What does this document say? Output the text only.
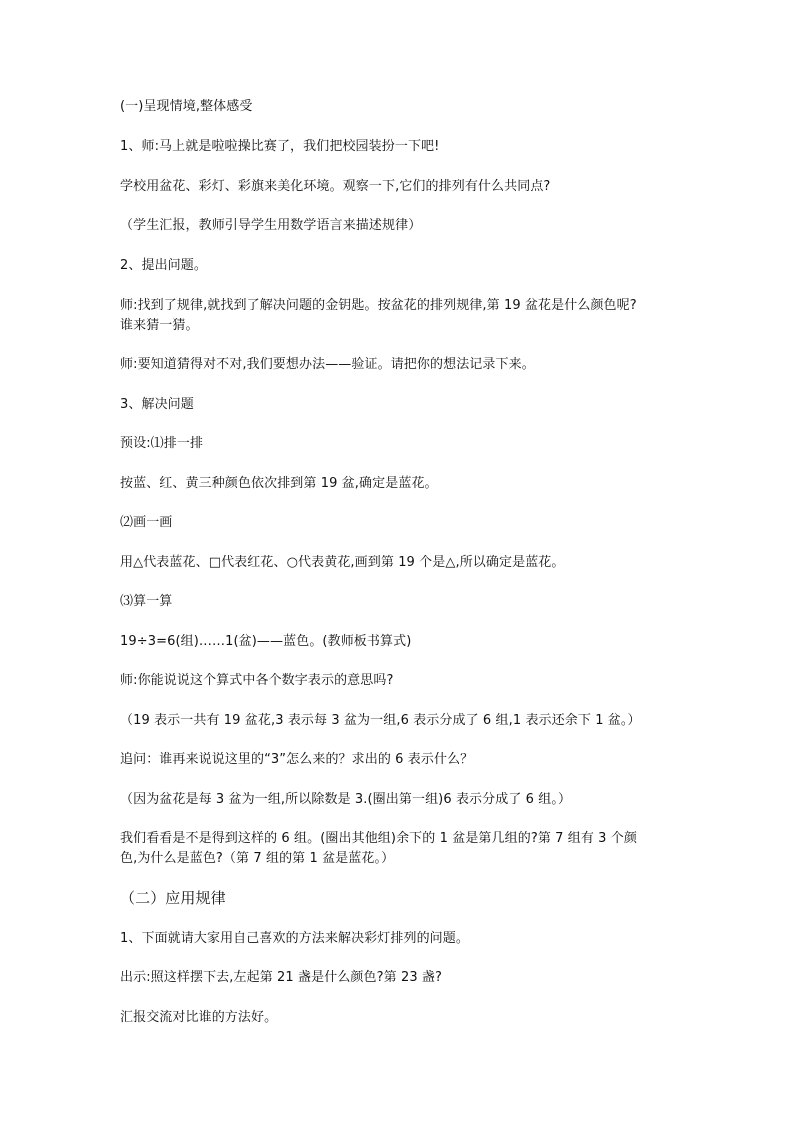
(一)呈现情境,整体感受
1、师:马上就是啦啦操比赛了，我们把校园装扮一下吧!
学校用盆花、彩灯、彩旗来美化环境。观察一下,它们的排列有什么共同点?
（学生汇报，教师引导学生用数学语言来描述规律）
2、提出问题。
师:找到了规律,就找到了解决问题的金钥匙。按盆花的排列规律,第 19 盆花是什么颜色呢?
谁来猜一猜。
师:要知道猜得对不对,我们要想办法——验证。请把你的想法记录下来。
3、解决问题
预设:⑴排一排
按蓝、红、黄三种颜色依次排到第 19 盆,确定是蓝花。
⑵画一画
用△代表蓝花、□代表红花、○代表黄花,画到第 19 个是△,所以确定是蓝花。
⑶算一算
19÷3=6(组)……1(盆)——蓝色。(教师板书算式)
师:你能说说这个算式中各个数字表示的意思吗?
（19 表示一共有 19 盆花,3 表示每 3 盆为一组,6 表示分成了 6 组,1 表示还余下 1 盆。）
追问：谁再来说说这里的“3”怎么来的？求出的 6 表示什么？
（因为盆花是每 3 盆为一组,所以除数是 3.(圈出第一组)6 表示分成了 6 组。）
我们看看是不是得到这样的 6 组。(圈出其他组)余下的 1 盆是第几组的?第 7 组有 3 个颜
色,为什么是蓝色?（第 7 组的第 1 盆是蓝花。）
（二）应用规律
1、下面就请大家用自己喜欢的方法来解决彩灯排列的问题。
出示:照这样摆下去,左起第 21 盏是什么颜色?第 23 盏?
汇报交流对比谁的方法好。
